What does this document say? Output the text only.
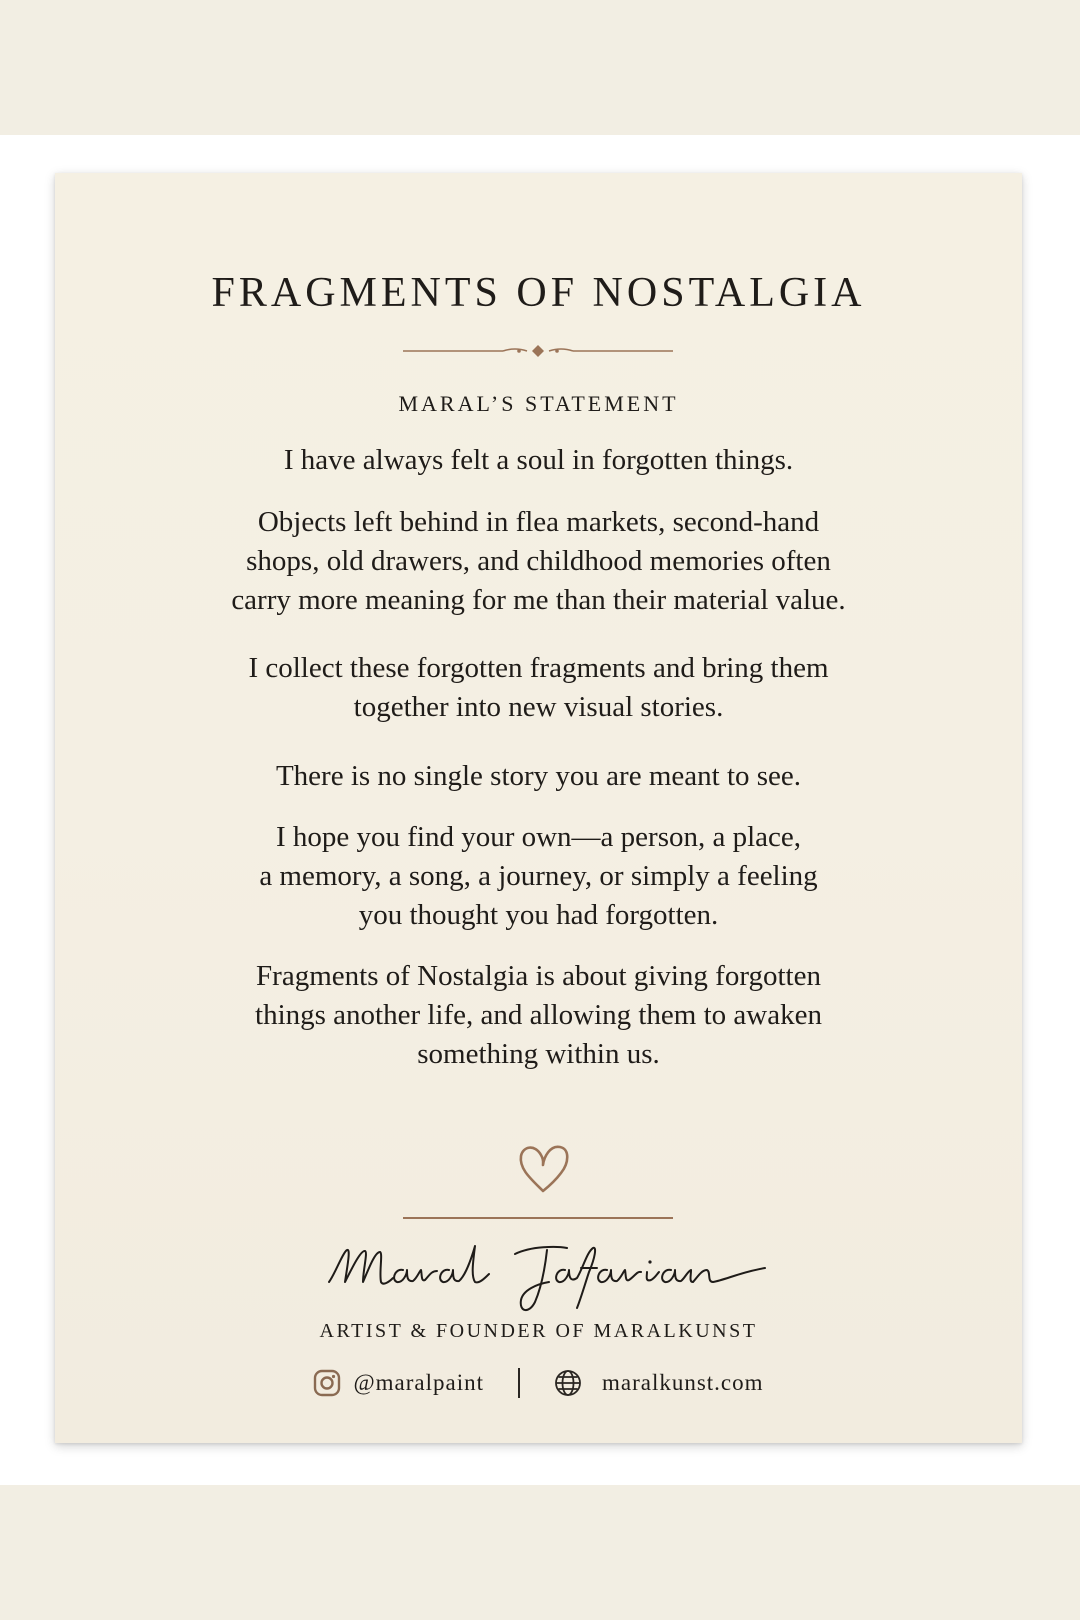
FRAGMENTS OF NOSTALGIA
MARAL’S STATEMENT
I have always felt a soul in forgotten things.
Objects left behind in flea markets, second-hand
shops, old drawers, and childhood memories often
carry more meaning for me than their material value.
I collect these forgotten fragments and bring them
together into new visual stories.
There is no single story you are meant to see.
I hope you find your own—a person, a place,
a memory, a song, a journey, or simply a feeling
you thought you had forgotten.
Fragments of Nostalgia is about giving forgotten
things another life, and allowing them to awaken
something within us.
ARTIST & FOUNDER OF MARALKUNST
@maralpaint	maralkunst.com
